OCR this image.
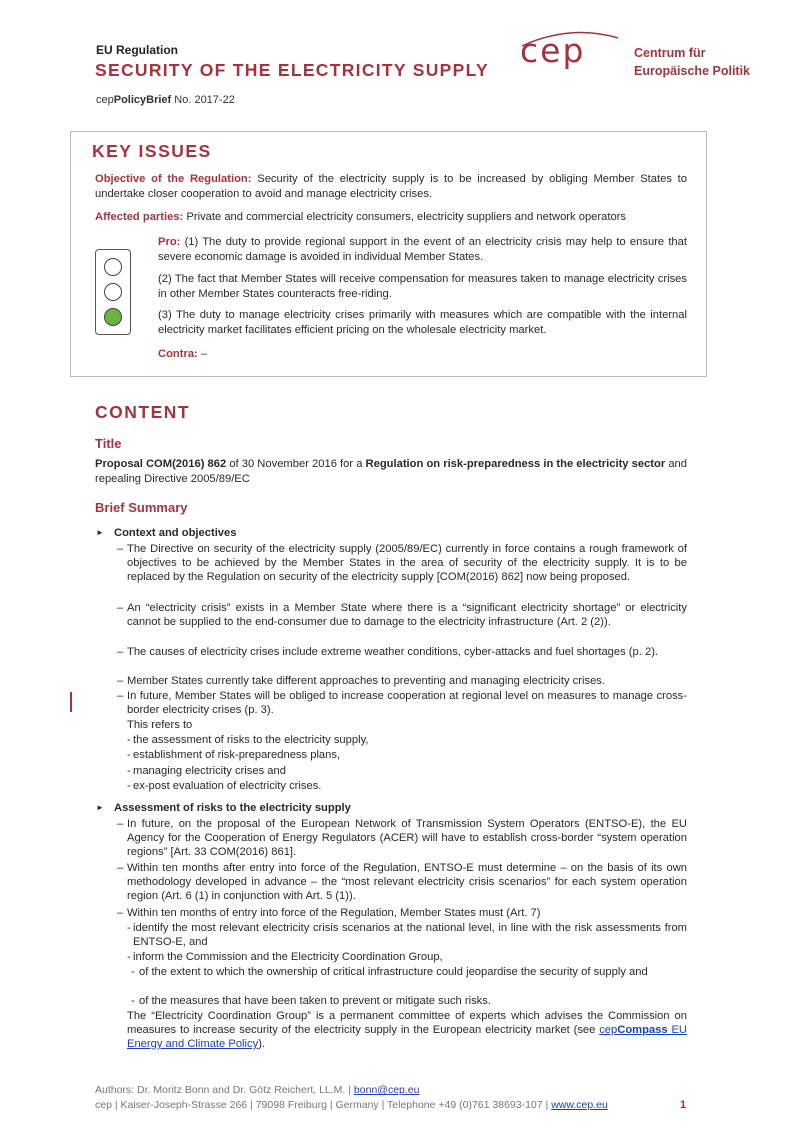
EU Regulation
SECURITY OF THE ELECTRICITY SUPPLY
cepPolicyBrief No. 2017-22
cep	Centrum für
Europäische Politik
KEY ISSUES
Objective of the Regulation: Security of the electricity supply is to be increased by obliging Member States to undertake closer cooperation to avoid and manage electricity crises.
Affected parties: Private and commercial electricity consumers, electricity suppliers and network operators
Pro: (1) The duty to provide regional support in the event of an electricity crisis may help to ensure that severe economic damage is avoided in individual Member States.
(2) The fact that Member States will receive compensation for measures taken to manage electricity crises in other Member States counteracts free-riding.
(3) The duty to manage electricity crises primarily with measures which are compatible with the internal electricity market facilitates efficient pricing on the wholesale electricity market.
Contra: –
CONTENT
Title
Proposal COM(2016) 862 of 30 November 2016 for a Regulation on risk-preparedness in the electricity sector and repealing Directive 2005/89/EC
Brief Summary
► Context and objectives
– The Directive on security of the electricity supply (2005/89/EC) currently in force contains a rough framework of objectives to be achieved by the Member States in the area of security of the electricity supply. It is to be replaced by the Regulation on security of the electricity supply [COM(2016) 862] now being proposed.
– An “electricity crisis” exists in a Member State where there is a “significant electricity shortage” or electricity cannot be supplied to the end-consumer due to damage to the electricity infrastructure (Art. 2 (2)).
– The causes of electricity crises include extreme weather conditions, cyber-attacks and fuel shortages (p. 2).
– Member States currently take different approaches to preventing and managing electricity crises.
– In future, Member States will be obliged to increase cooperation at regional level on measures to manage cross-border electricity crises (p. 3).
This refers to
- the assessment of risks to the electricity supply,
- establishment of risk-preparedness plans,
- managing electricity crises and
- ex-post evaluation of electricity crises.
► Assessment of risks to the electricity supply
– In future, on the proposal of the European Network of Transmission System Operators (ENTSO-E), the EU Agency for the Cooperation of Energy Regulators (ACER) will have to establish cross-border “system operation regions” [Art. 33 COM(2016) 861].
– Within ten months after entry into force of the Regulation, ENTSO-E must determine – on the basis of its own methodology developed in advance – the “most relevant electricity crisis scenarios” for each system operation region (Art. 6 (1) in conjunction with Art. 5 (1)).
– Within ten months of entry into force of the Regulation, Member States must (Art. 7)
- identify the most relevant electricity crisis scenarios at the national level, in line with the risk assessments from ENTSO-E, and
- inform the Commission and the Electricity Coordination Group,
- of the extent to which the ownership of critical infrastructure could jeopardise the security of supply and
- of the measures that have been taken to prevent or mitigate such risks.
The “Electricity Coordination Group” is a permanent committee of experts which advises the Commission on measures to increase security of the electricity supply in the European electricity market (see cepCompass EU Energy and Climate Policy).
Authors: Dr. Moritz Bonn and Dr. Götz Reichert, LL.M. | bonn@cep.eu
cep | Kaiser-Joseph-Strasse 266 | 79098 Freiburg | Germany | Telephone +49 (0)761 38693-107 | www.cep.eu	1
